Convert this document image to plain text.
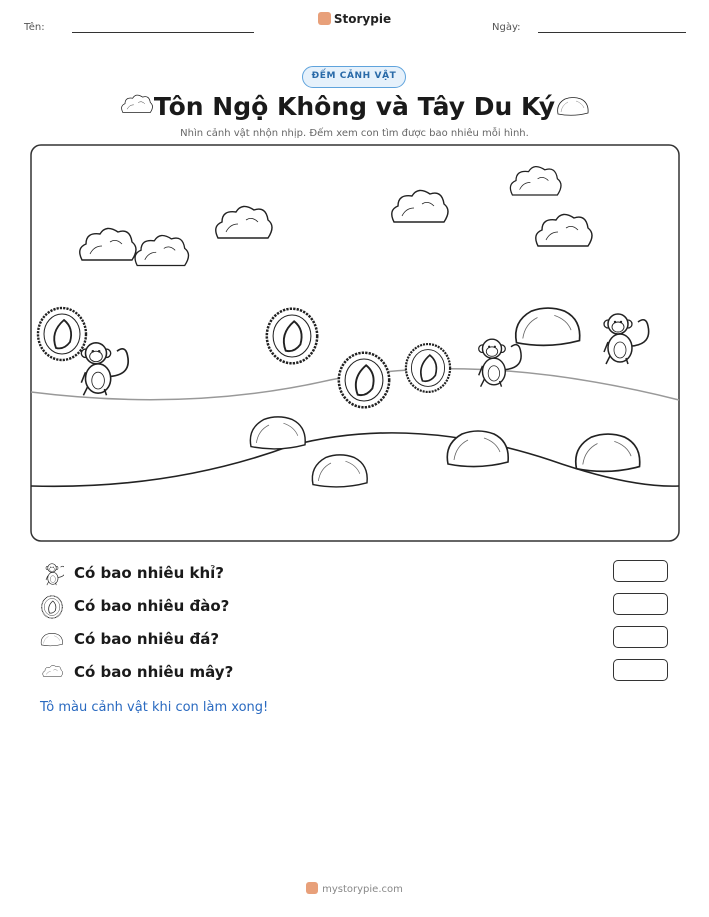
Tên:
Storypie
Ngày:
ĐẾM CẢNH VẬT
Tôn Ngộ Không và Tây Du Ký
Nhìn cảnh vật nhộn nhịp. Đếm xem con tìm được bao nhiêu mỗi hình.
Có bao nhiêu khỉ?
Có bao nhiêu đào?
Có bao nhiêu đá?
Có bao nhiêu mây?
Tô màu cảnh vật khi con làm xong!
mystorypie.com
